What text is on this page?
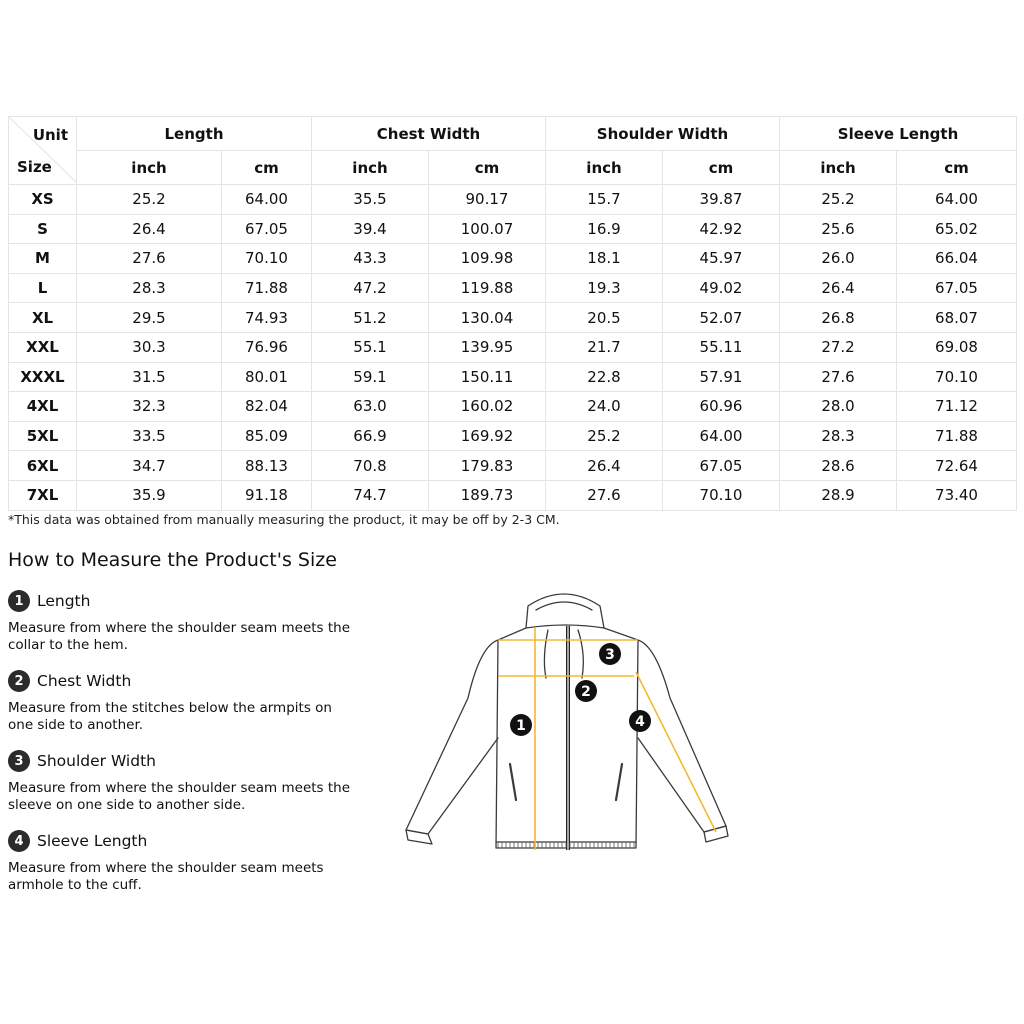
Unit
Size	Length		Chest Width		Shoulder Width		Sleeve Length	
	inch	cm	inch	cm	inch	cm	inch	cm
XS	25.2	64.00	35.5	90.17	15.7	39.87	25.2	64.00
S	26.4	67.05	39.4	100.07	16.9	42.92	25.6	65.02
M	27.6	70.10	43.3	109.98	18.1	45.97	26.0	66.04
L	28.3	71.88	47.2	119.88	19.3	49.02	26.4	67.05
XL	29.5	74.93	51.2	130.04	20.5	52.07	26.8	68.07
XXL	30.3	76.96	55.1	139.95	21.7	55.11	27.2	69.08
XXXL	31.5	80.01	59.1	150.11	22.8	57.91	27.6	70.10
4XL	32.3	82.04	63.0	160.02	24.0	60.96	28.0	71.12
5XL	33.5	85.09	66.9	169.92	25.2	64.00	28.3	71.88
6XL	34.7	88.13	70.8	179.83	26.4	67.05	28.6	72.64
7XL	35.9	91.18	74.7	189.73	27.6	70.10	28.9	73.40
*This data was obtained from manually measuring the product, it may be off by 2-3 CM.
How to Measure the Product's Size
1 Length
Measure from where the shoulder seam meets the collar to the hem.
2 Chest Width
Measure from the stitches below the armpits on one side to another.
3 Shoulder Width
Measure from where the shoulder seam meets the sleeve on one side to another side.
4 Sleeve Length
Measure from where the shoulder seam meets armhole to the cuff.
1
2
3
4
